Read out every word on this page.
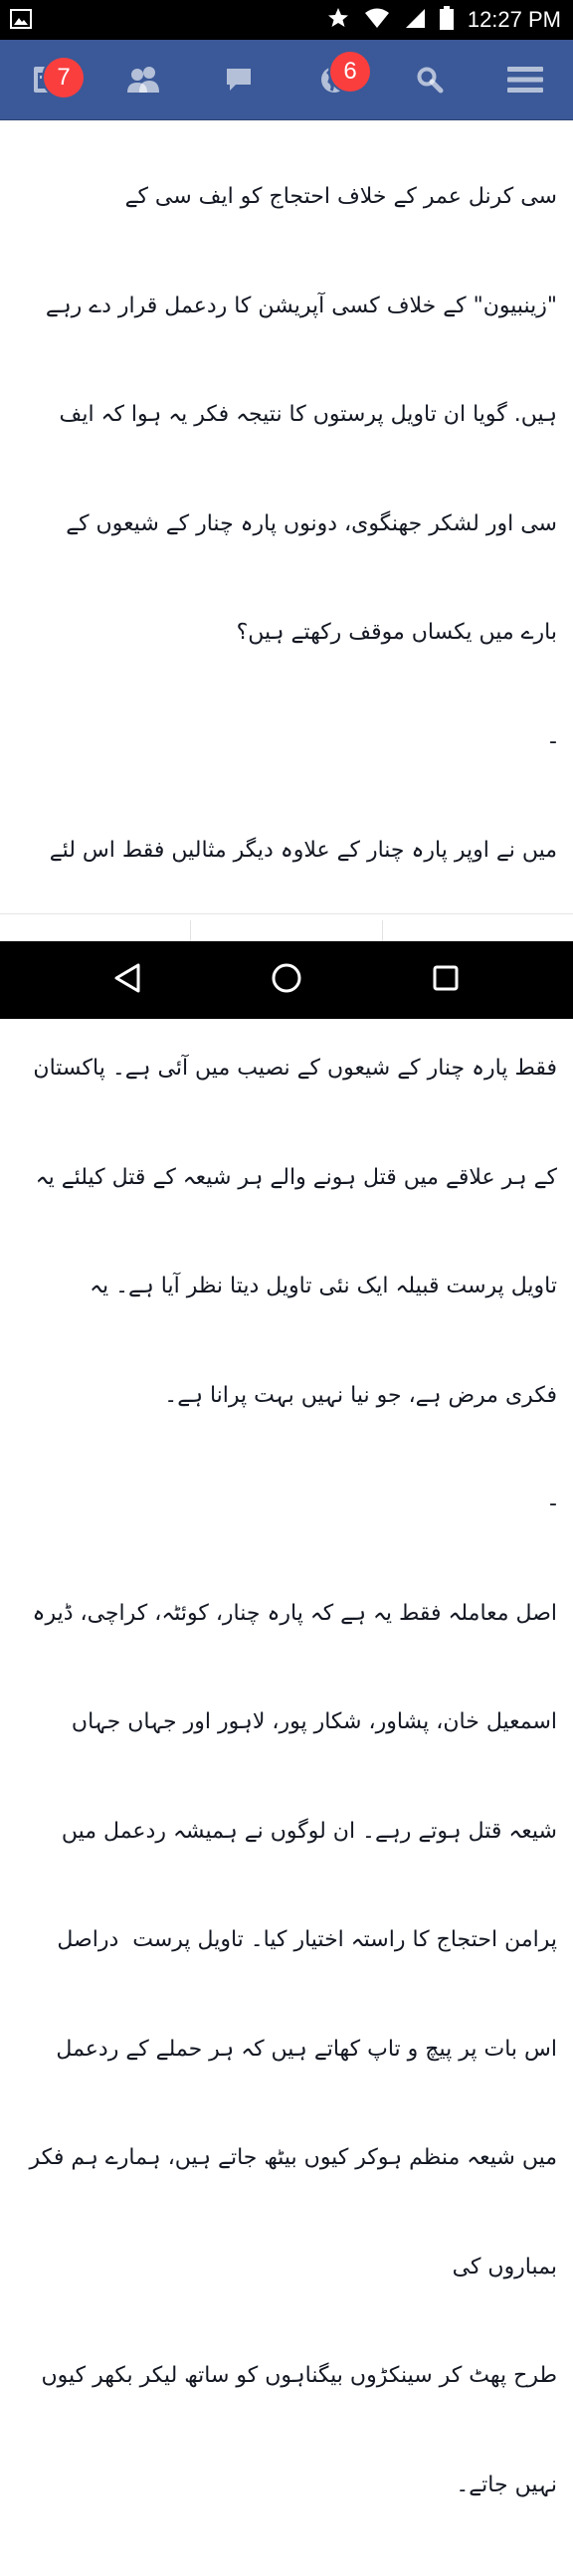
12:27 PM
7	6

سی کرنل عمر کے خلاف احتجاج کو ایف سی کے

"زینبیون" کے خلاف کسی آپریشن کا ردعمل قرار دے رہے

ہیں. گویا ان تاویل پرستوں کا نتیجہ فکر یہ ہوا کہ ایف

سی اور لشکر جھنگوی، دونوں پارہ چنار کے شیعوں کے

بارے میں یکساں موقف رکھتے ہیں؟

-

میں نے اوپر پارہ چنار کے علاوہ دیگر مثالیں فقط اس لئے

فقط پارہ چنار کے شیعوں کے نصیب میں آئی ہے۔ پاکستان

کے ہر علاقے میں قتل ہونے والے ہر شیعہ کے قتل کیلئے یہ

تاویل پرست قبیلہ ایک نئی تاویل دیتا نظر آیا ہے۔ یہ

فکری مرض ہے، جو نیا نہیں بہت پرانا ہے۔

-

اصل معاملہ فقط یہ ہے کہ پارہ چنار، کوئٹہ، کراچی، ڈیرہ

اسمعیل خان، پشاور، شکار پور، لاہور اور جہاں جہاں

شیعہ قتل ہوتے رہے۔ ان لوگوں نے ہمیشہ ردعمل میں

پرامن احتجاج کا راستہ اختیار کیا۔ تاویل پرست  دراصل

اس بات پر پیچ و تاپ کھاتے ہیں کہ ہر حملے کے ردعمل

میں شیعہ منظم ہوکر کیوں بیٹھ جاتے ہیں، ہمارے ہم فکر

بمباروں کی

طرح پھٹ کر سینکڑوں بیگناہوں کو ساتھ لیکر بکھر کیوں

نہیں جاتے۔
